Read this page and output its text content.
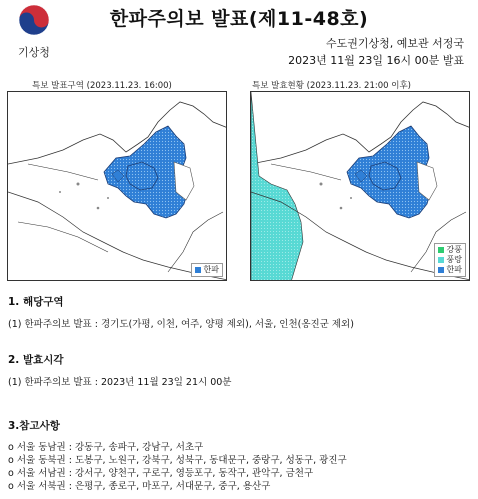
기상청
한파주의보 발표(제11-48호)
수도권기상청, 예보관 서정국
2023년 11월 23일 16시 00분 발표
특보 발표구역 (2023.11.23. 16:00)
한파
특보 발효현황 (2023.11.23. 21:00 이후)
강풍
풍랑
한파
1. 해당구역
(1) 한파주의보 발표 : 경기도(가평, 이천, 여주, 양평 제외), 서울, 인천(옹진군 제외)
2. 발효시각
(1) 한파주의보 발표 : 2023년 11월 23일 21시 00분
3.참고사항
o 서울 동남권 : 강동구, 송파구, 강남구, 서초구
o 서울 동북권 : 도봉구, 노원구, 강북구, 성북구, 동대문구, 중랑구, 성동구, 광진구
o 서울 서남권 : 강서구, 양천구, 구로구, 영등포구, 동작구, 관악구, 금천구
o 서울 서북권 : 은평구, 종로구, 마포구, 서대문구, 중구, 용산구
